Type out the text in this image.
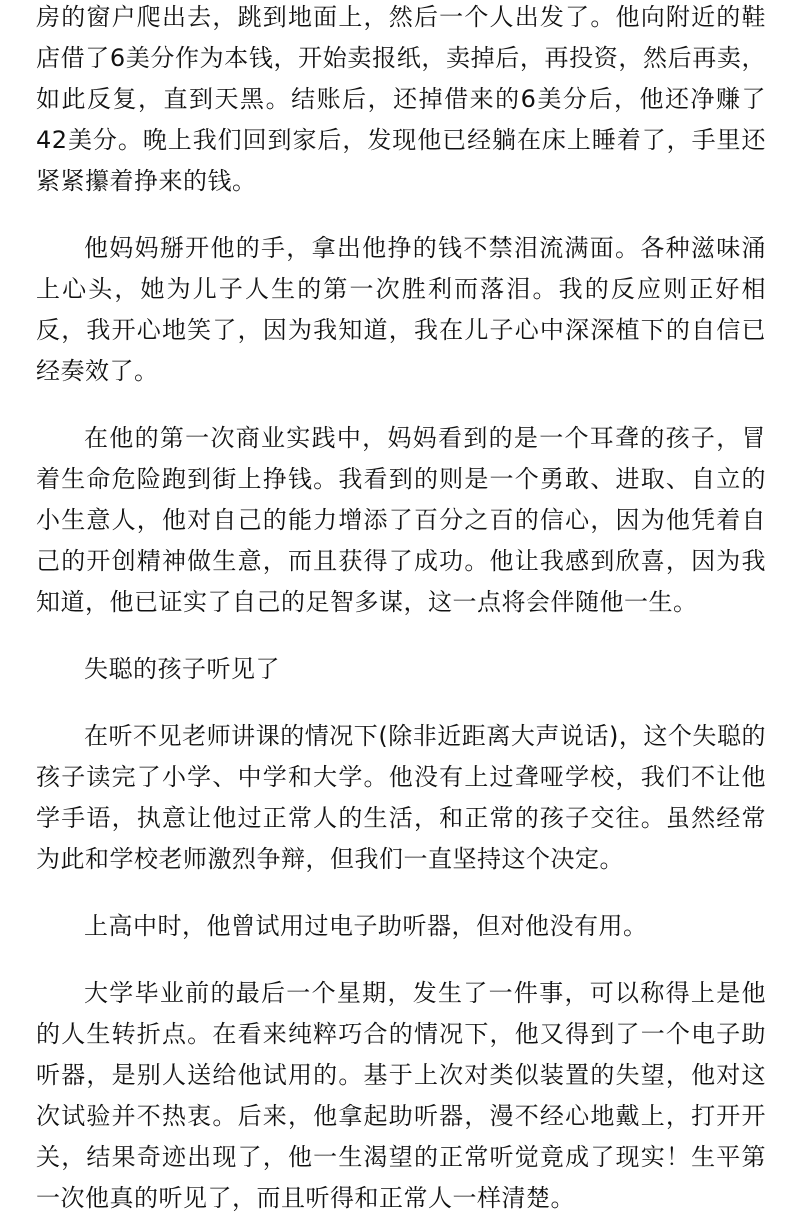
房的窗户爬出去，跳到地面上，然后一个人出发了。他向附近的鞋店借了6美分作为本钱，开始卖报纸，卖掉后，再投资，然后再卖，如此反复，直到天黑。结账后，还掉借来的6美分后，他还净赚了42美分。晚上我们回到家后，发现他已经躺在床上睡着了，手里还紧紧攥着挣来的钱。

他妈妈掰开他的手，拿出他挣的钱不禁泪流满面。各种滋味涌上心头，她为儿子人生的第一次胜利而落泪。我的反应则正好相反，我开心地笑了，因为我知道，我在儿子心中深深植下的自信已经奏效了。

在他的第一次商业实践中，妈妈看到的是一个耳聋的孩子，冒着生命危险跑到街上挣钱。我看到的则是一个勇敢、进取、自立的小生意人，他对自己的能力增添了百分之百的信心，因为他凭着自己的开创精神做生意，而且获得了成功。他让我感到欣喜，因为我知道，他已证实了自己的足智多谋，这一点将会伴随他一生。

失聪的孩子听见了

在听不见老师讲课的情况下(除非近距离大声说话)，这个失聪的孩子读完了小学、中学和大学。他没有上过聋哑学校，我们不让他学手语，执意让他过正常人的生活，和正常的孩子交往。虽然经常为此和学校老师激烈争辩，但我们一直坚持这个决定。

上高中时，他曾试用过电子助听器，但对他没有用。

大学毕业前的最后一个星期，发生了一件事，可以称得上是他的人生转折点。在看来纯粹巧合的情况下，他又得到了一个电子助听器，是别人送给他试用的。基于上次对类似装置的失望，他对这次试验并不热衷。后来，他拿起助听器，漫不经心地戴上，打开开关，结果奇迹出现了，他一生渴望的正常听觉竟成了现实！生平第一次他真的听见了，而且听得和正常人一样清楚。
